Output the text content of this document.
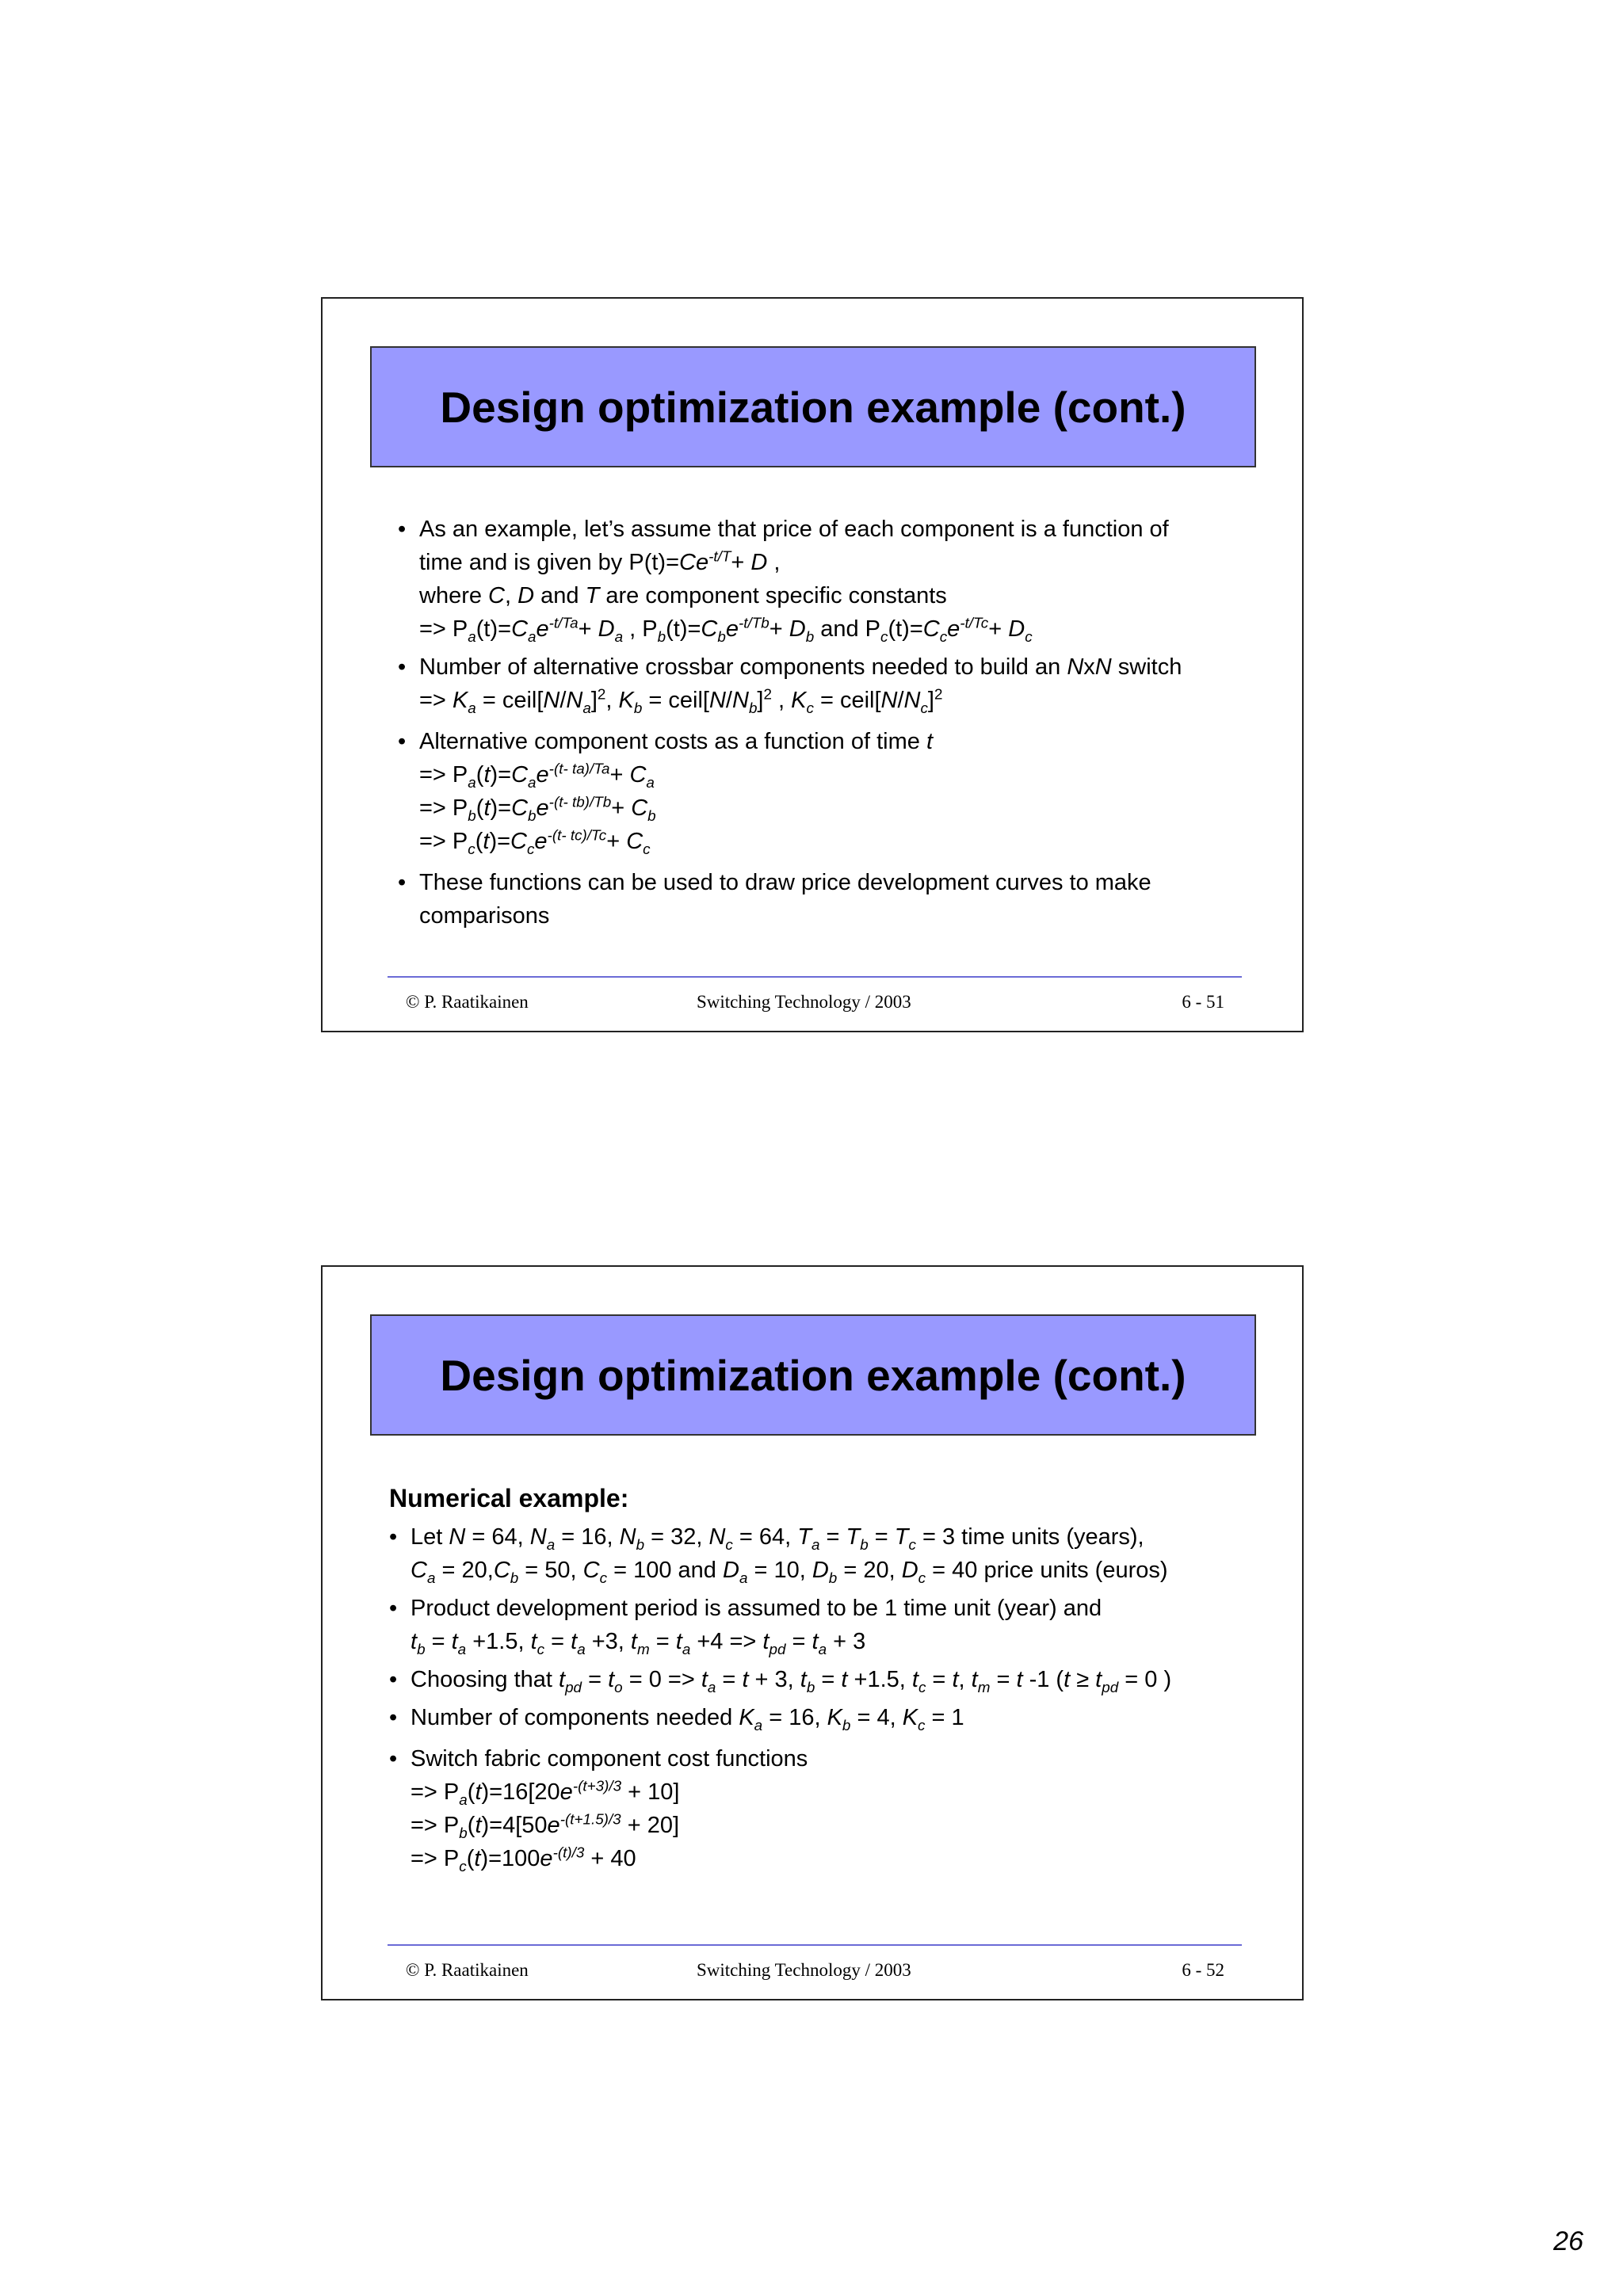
Design optimization example (cont.)
• As an example, let’s assume that price of each component is a function of
time and is given by $P(t)=Ce^{-t/T}+ D$ ,
where C, D and T are component specific constants
=> $P_a(t)=C_ae^{-t/Ta}+ D_a$ , $P_b(t)=C_be^{-t/Tb}+ D_b$ and $P_c(t)=C_ce^{-t/Tc}+ D_c$
• Number of alternative crossbar components needed to build an NxN switch
=> $K_a$ = $ceil[N/N_a]^2$, $K_b$ = $ceil[N/N_b]^2$ , $K_c$ = $ceil[N/N_c]^2$
• Alternative component costs as a function of time t
=> $P_a(t)=C_ae^{-(t- ta)/Ta}+ C_a$
=> $P_b(t)=C_be^{-(t- tb)/Tb}+ C_b$
=> $P_c(t)=C_ce^{-(t- tc)/Tc}+ C_c$
• These functions can be used to draw price development curves to make
comparisons
© P. Raatikainen	Switching Technology / 2003	6 - 51
Design optimization example (cont.)
Numerical example:
• Let N = 64, $N_a = 16$, $N_b = 32$, $N_c = 64$, $T_a = T_b = T_c = 3$ time units (years),
$C_a = 20,C_b = 50$, $C_c = 100$ and $D_a = 10$, $D_b = 20$, $D_c = 40$ price units (euros)
• Product development period is assumed to be 1 time unit (year) and
$t_b = t_a +1.5$, $t_c = t_a +3$, $t_m = t_a +4 => t_{pd} = t_a + 3$
• Choosing that $t_{pd} = t_o = 0 => t_a = t + 3$, $t_b = t +1.5$, $t_c = t$, $t_m = t$ -1 ($t \ge t_{pd} = 0$ )
• Number of components needed $K_a = 16$, $K_b = 4$, $K_c = 1$
• Switch fabric component cost functions
=> $P_a(t)=16[20e^{-(t+3)/3} + 10]$
=> $P_b(t)=4[50e^{-(t+1.5)/3} + 20]$
=> $P_c(t)=100e^{-(t)/3} + 40$
© P. Raatikainen	Switching Technology / 2003	6 - 52
26
